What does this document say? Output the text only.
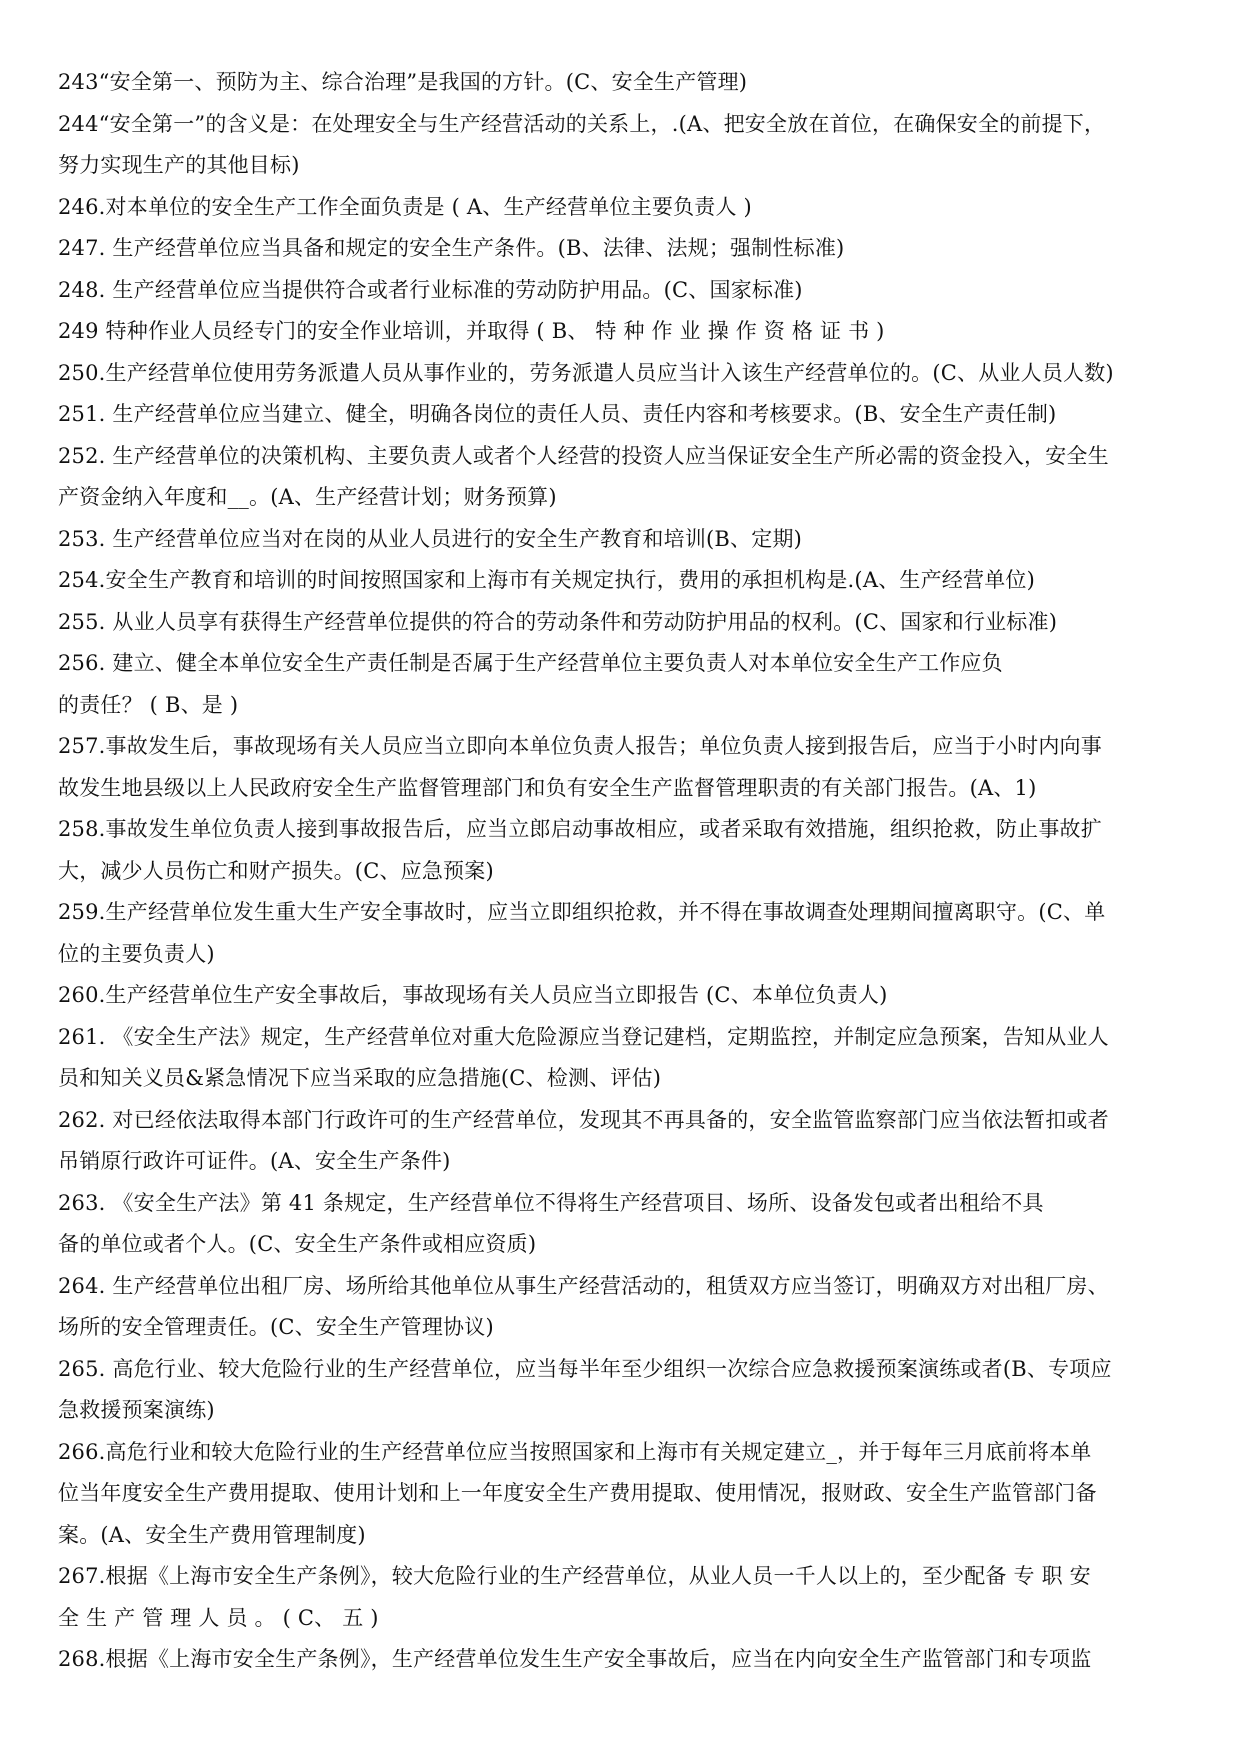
243“安全第一、预防为主、综合治理”是我国的方针。(C、安全生产管理)
244“安全第一”的含义是：在处理安全与生产经营活动的关系上，.(A、把安全放在首位，在确保安全的前提下，
努力实现生产的其他目标)
246.对本单位的安全生产工作全面负责是 ( A、生产经营单位主要负责人 )
247. 生产经营单位应当具备和规定的安全生产条件。(B、法律、法规；强制性标准)
248. 生产经营单位应当提供符合或者行业标准的劳动防护用品。(C、国家标准)
249 特种作业人员经专门的安全作业培训，并取得 ( B、 特 种 作 业 操 作 资 格 证 书 )
250.生产经营单位使用劳务派遣人员从事作业的，劳务派遣人员应当计入该生产经营单位的。(C、从业人员人数)
251. 生产经营单位应当建立、健全，明确各岗位的责任人员、责任内容和考核要求。(B、安全生产责任制)
252. 生产经营单位的决策机构、主要负责人或者个人经营的投资人应当保证安全生产所必需的资金投入，安全生
产资金纳入年度和__。(A、生产经营计划；财务预算)
253. 生产经营单位应当对在岗的从业人员进行的安全生产教育和培训(B、定期)
254.安全生产教育和培训的时间按照国家和上海市有关规定执行，费用的承担机构是.(A、生产经营单位)
255. 从业人员享有获得生产经营单位提供的符合的劳动条件和劳动防护用品的权利。(C、国家和行业标准)
256. 建立、健全本单位安全生产责任制是否属于生产经营单位主要负责人对本单位安全生产工作应负
的责任？ ( B、是 )
257.事故发生后，事故现场有关人员应当立即向本单位负责人报告；单位负责人接到报告后，应当于小时内向事
故发生地县级以上人民政府安全生产监督管理部门和负有安全生产监督管理职责的有关部门报告。(A、1)
258.事故发生单位负责人接到事故报告后，应当立郎启动事故相应，或者采取有效措施，组织抢救，防止事故扩
大，减少人员伤亡和财产损失。(C、应急预案)
259.生产经营单位发生重大生产安全事故时，应当立即组织抢救，并不得在事故调查处理期间擅离职守。(C、单
位的主要负责人)
260.生产经营单位生产安全事故后，事故现场有关人员应当立即报告 (C、本单位负责人)
261. 《安全生产法》规定，生产经营单位对重大危险源应当登记建档，定期监控，并制定应急预案，告知从业人
员和知关义员&紧急情况下应当采取的应急措施(C、检测、评估)
262. 对已经依法取得本部门行政许可的生产经营单位，发现其不再具备的，安全监管监察部门应当依法暂扣或者
吊销原行政许可证件。(A、安全生产条件)
263. 《安全生产法》第 41 条规定，生产经营单位不得将生产经营项目、场所、设备发包或者出租给不具
备的单位或者个人。(C、安全生产条件或相应资质)
264. 生产经营单位出租厂房、场所给其他单位从事生产经营活动的，租赁双方应当签订，明确双方对出租厂房、
场所的安全管理责任。(C、安全生产管理协议)
265. 高危行业、较大危险行业的生产经营单位，应当每半年至少组织一次综合应急救援预案演练或者(B、专项应
急救援预案演练)
266.高危行业和较大危险行业的生产经营单位应当按照国家和上海市有关规定建立_，并于每年三月底前将本单
位当年度安全生产费用提取、使用计划和上一年度安全生产费用提取、使用情况，报财政、安全生产监管部门备
案。(A、安全生产费用管理制度)
267.根据《上海市安全生产条例》，较大危险行业的生产经营单位，从业人员一千人以上的，至少配备 专 职 安
全 生 产 管 理 人 员 。 ( C、 五 )
268.根据《上海市安全生产条例》，生产经营单位发生生产安全事故后，应当在内向安全生产监管部门和专项监
